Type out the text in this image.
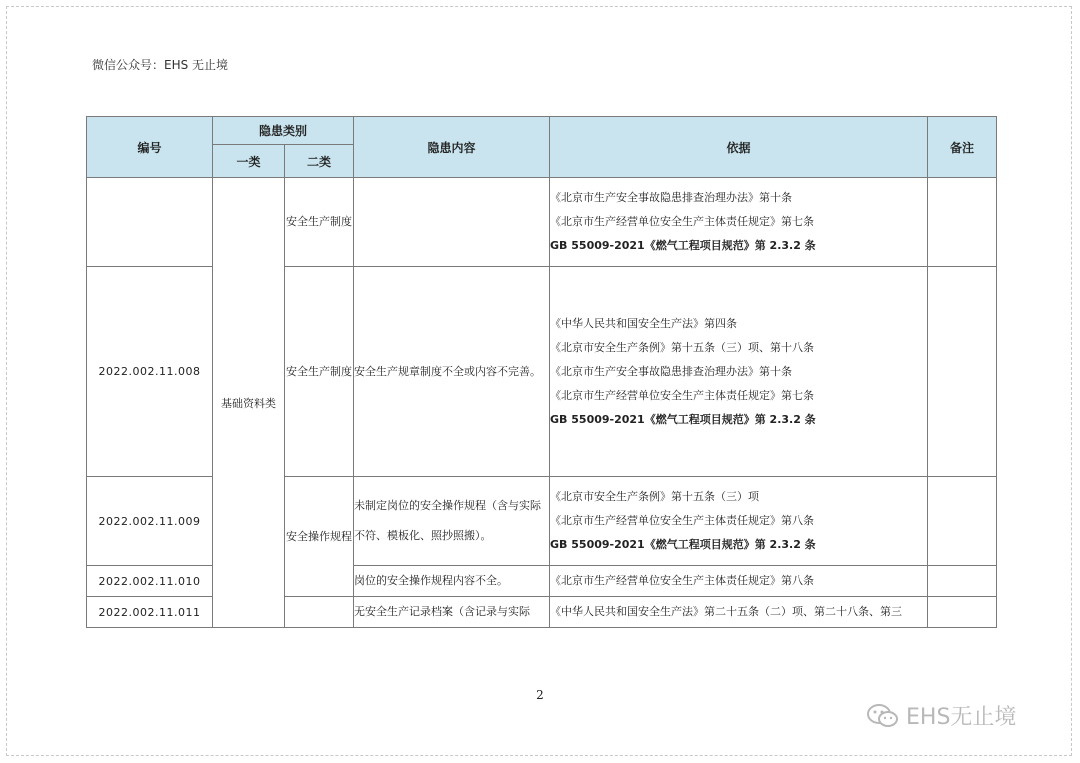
微信公众号：EHS 无止境
编号	隐患类别		隐患内容	依据	备注
	一类	二类			
	基础资料类	安全生产制度		《北京市生产安全事故隐患排查治理办法》第十条
《北京市生产经营单位安全生产主体责任规定》第七条
GB 55009-2021《燃气工程项目规范》第 2.3.2 条	

2022.002.11.008		安全生产制度	安全生产规章制度不全或内容不完善。	《中华人民共和国安全生产法》第四条
《北京市安全生产条例》第十五条（三）项、第十八条
《北京市生产安全事故隐患排查治理办法》第十条
《北京市生产经营单位安全生产主体责任规定》第七条
GB 55009-2021《燃气工程项目规范》第 2.3.2 条	

2022.002.11.009		安全操作规程	未制定岗位的安全操作规程（含与实际不符、模板化、照抄照搬）。	《北京市安全生产条例》第十五条（三）项
《北京市生产经营单位安全生产主体责任规定》第八条
GB 55009-2021《燃气工程项目规范》第 2.3.2 条	

2022.002.11.010			岗位的安全操作规程内容不全。	《北京市生产经营单位安全生产主体责任规定》第八条	

2022.002.11.011			无安全生产记录档案（含记录与实际	《中华人民共和国安全生产法》第二十五条（二）项、第二十八条、第三	

2
EHS无止境
